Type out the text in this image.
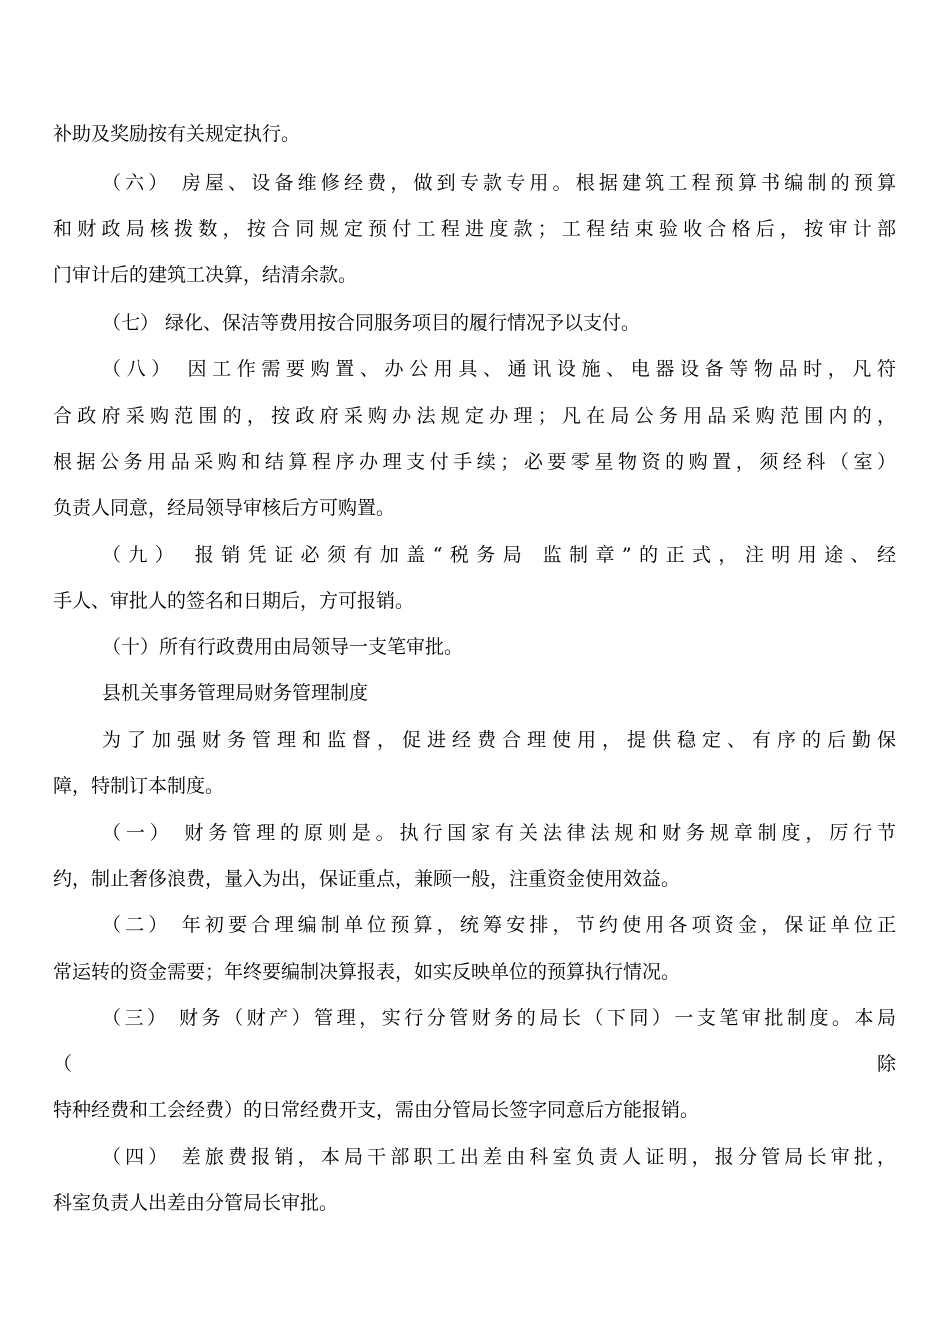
补助及奖励按有关规定执行。
（六） 房屋、设备维修经费，做到专款专用。根据建筑工程预算书编制的预算
和财政局核拨数，按合同规定预付工程进度款；工程结束验收合格后，按审计部
门审计后的建筑工决算，结清余款。
（七） 绿化、保洁等费用按合同服务项目的履行情况予以支付。
（八） 因工作需要购置、办公用具、通讯设施、电器设备等物品时，凡符
合政府采购范围的，按政府采购办法规定办理；凡在局公务用品采购范围内的，
根据公务用品采购和结算程序办理支付手续；必要零星物资的购置，须经科（室）
负责人同意，经局领导审核后方可购置。
（九） 报销凭证必须有加盖“税务局 监制章”的正式，注明用途、经
手人、审批人的签名和日期后，方可报销。
（十）所有行政费用由局领导一支笔审批。
县机关事务管理局财务管理制度
为了加强财务管理和监督，促进经费合理使用，提供稳定、有序的后勤保
障，特制订本制度。
（一） 财务管理的原则是。执行国家有关法律法规和财务规章制度，厉行节
约，制止奢侈浪费，量入为出，保证重点，兼顾一般，注重资金使用效益。
（二） 年初要合理编制单位预算，统筹安排，节约使用各项资金，保证单位正
常运转的资金需要；年终要编制决算报表，如实反映单位的预算执行情况。
（三） 财务（财产）管理，实行分管财务的局长（下同）一支笔审批制度。本局
（ 除
特种经费和工会经费）的日常经费开支，需由分管局长签字同意后方能报销。
（四） 差旅费报销，本局干部职工出差由科室负责人证明，报分管局长审批，
科室负责人出差由分管局长审批。
